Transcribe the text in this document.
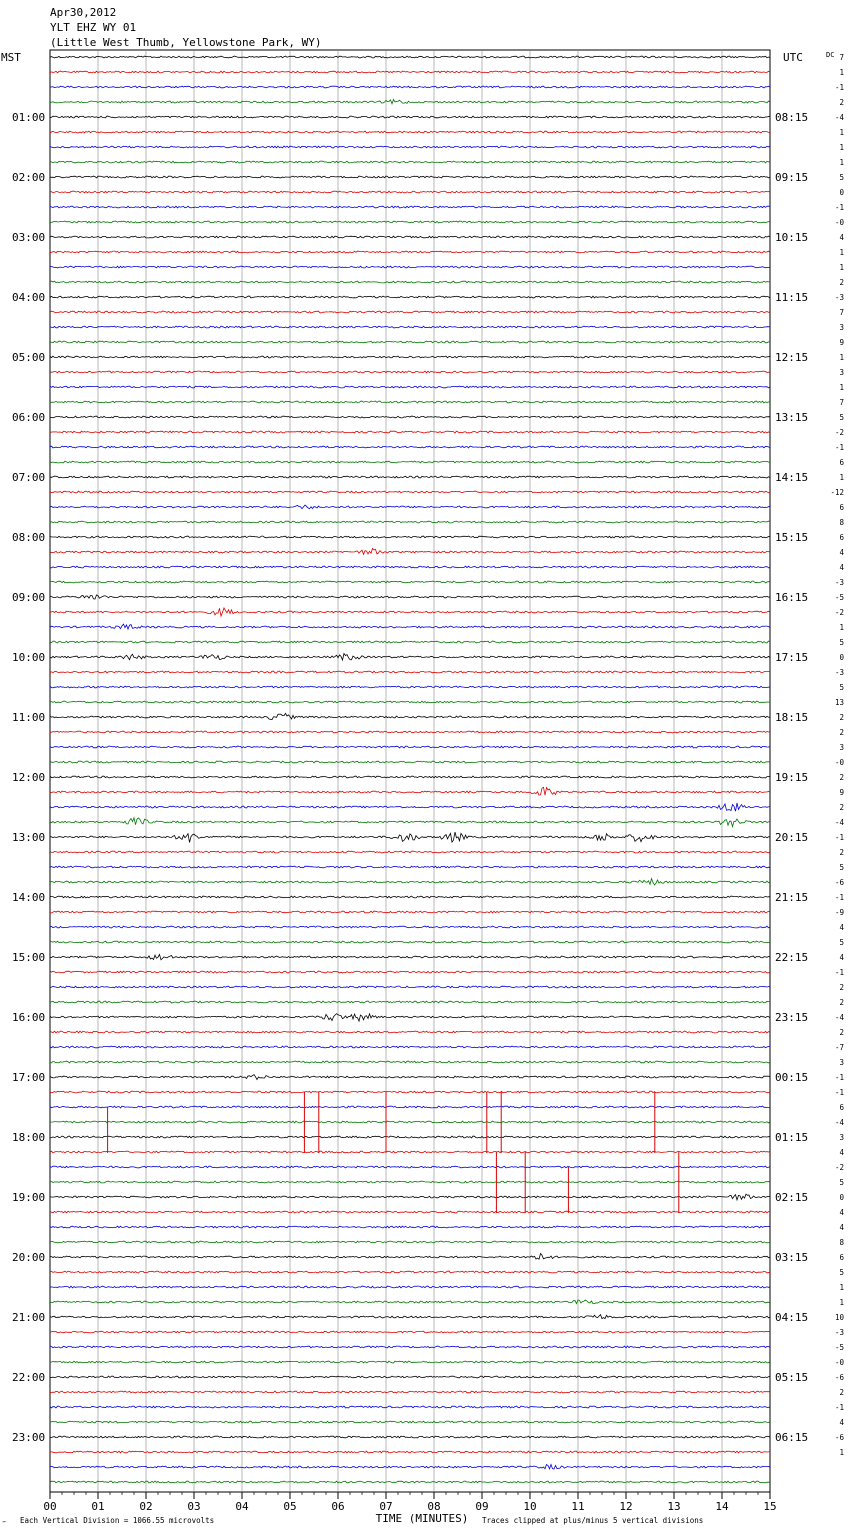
Apr30,2012
YLT EHZ WY 01
(Little West Thumb, Yellowstone Park, WY)
MST	UTC	DC
01:00
02:00
03:00
04:00
05:00
06:00
07:00
08:00
09:00
10:00
11:00
12:00
13:00
14:00
15:00
16:00
17:00
18:00
19:00
20:00
21:00
22:00
23:00
08:15
09:15
10:15
11:15
12:15
13:15
14:15
15:15
16:15
17:15
18:15
19:15
20:15
21:15
22:15
23:15
00:15
01:15
02:15
03:15
04:15
05:15
06:15
7
1
-1
2
-4
1
1
1
5
0
-1
-0
4
1
1
2
-3
7
3
9
1
3
1
7
5
-2
-1
6
1
-12
6
8
6
4
4
-3
-5
-2
1
5
0
-3
5
13
2
2
3
-0
2
9
2
-4
-1
2
5
-6
-1
-9
4
5
4
-1
2
2
-4
2
-7
3
-1
-1
6
-4
3
4
-2
5
0
4
4
8
6
5
1
1
10
-3
-5
-0
-6
2
-1
4
-6
1
00	01	02	03	04	05	06	07	08	09	10	11	12	13	14	15
TIME (MINUTES)
‴ Each Vertical Division = 1066.55 microvolts	Traces clipped at plus/minus 5 vertical divisions
